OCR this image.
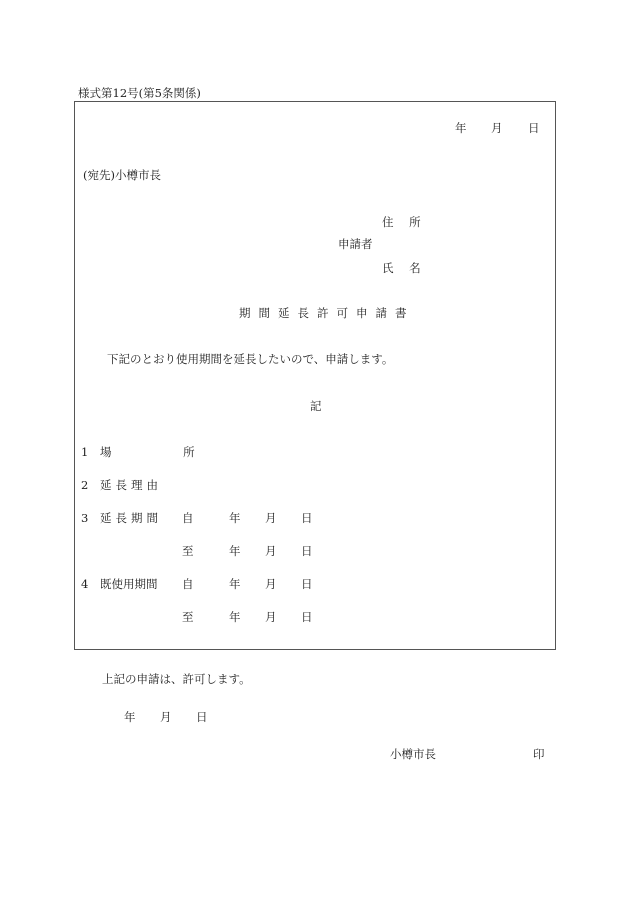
様式第12号(第5条関係)
年 月 日
(宛先)小樽市長
住 所
申請者
氏 名
期間延長許可申請書
下記のとおり使用期間を延長したいので、申請します。
記
1 場 所
2 延長理由
3 延長期間 自	年 月 日
至	年 月 日
4 既使用期間 自	年 月 日
至	年 月 日
上記の申請は、許可します。
年 月 日
小樽市長	印
